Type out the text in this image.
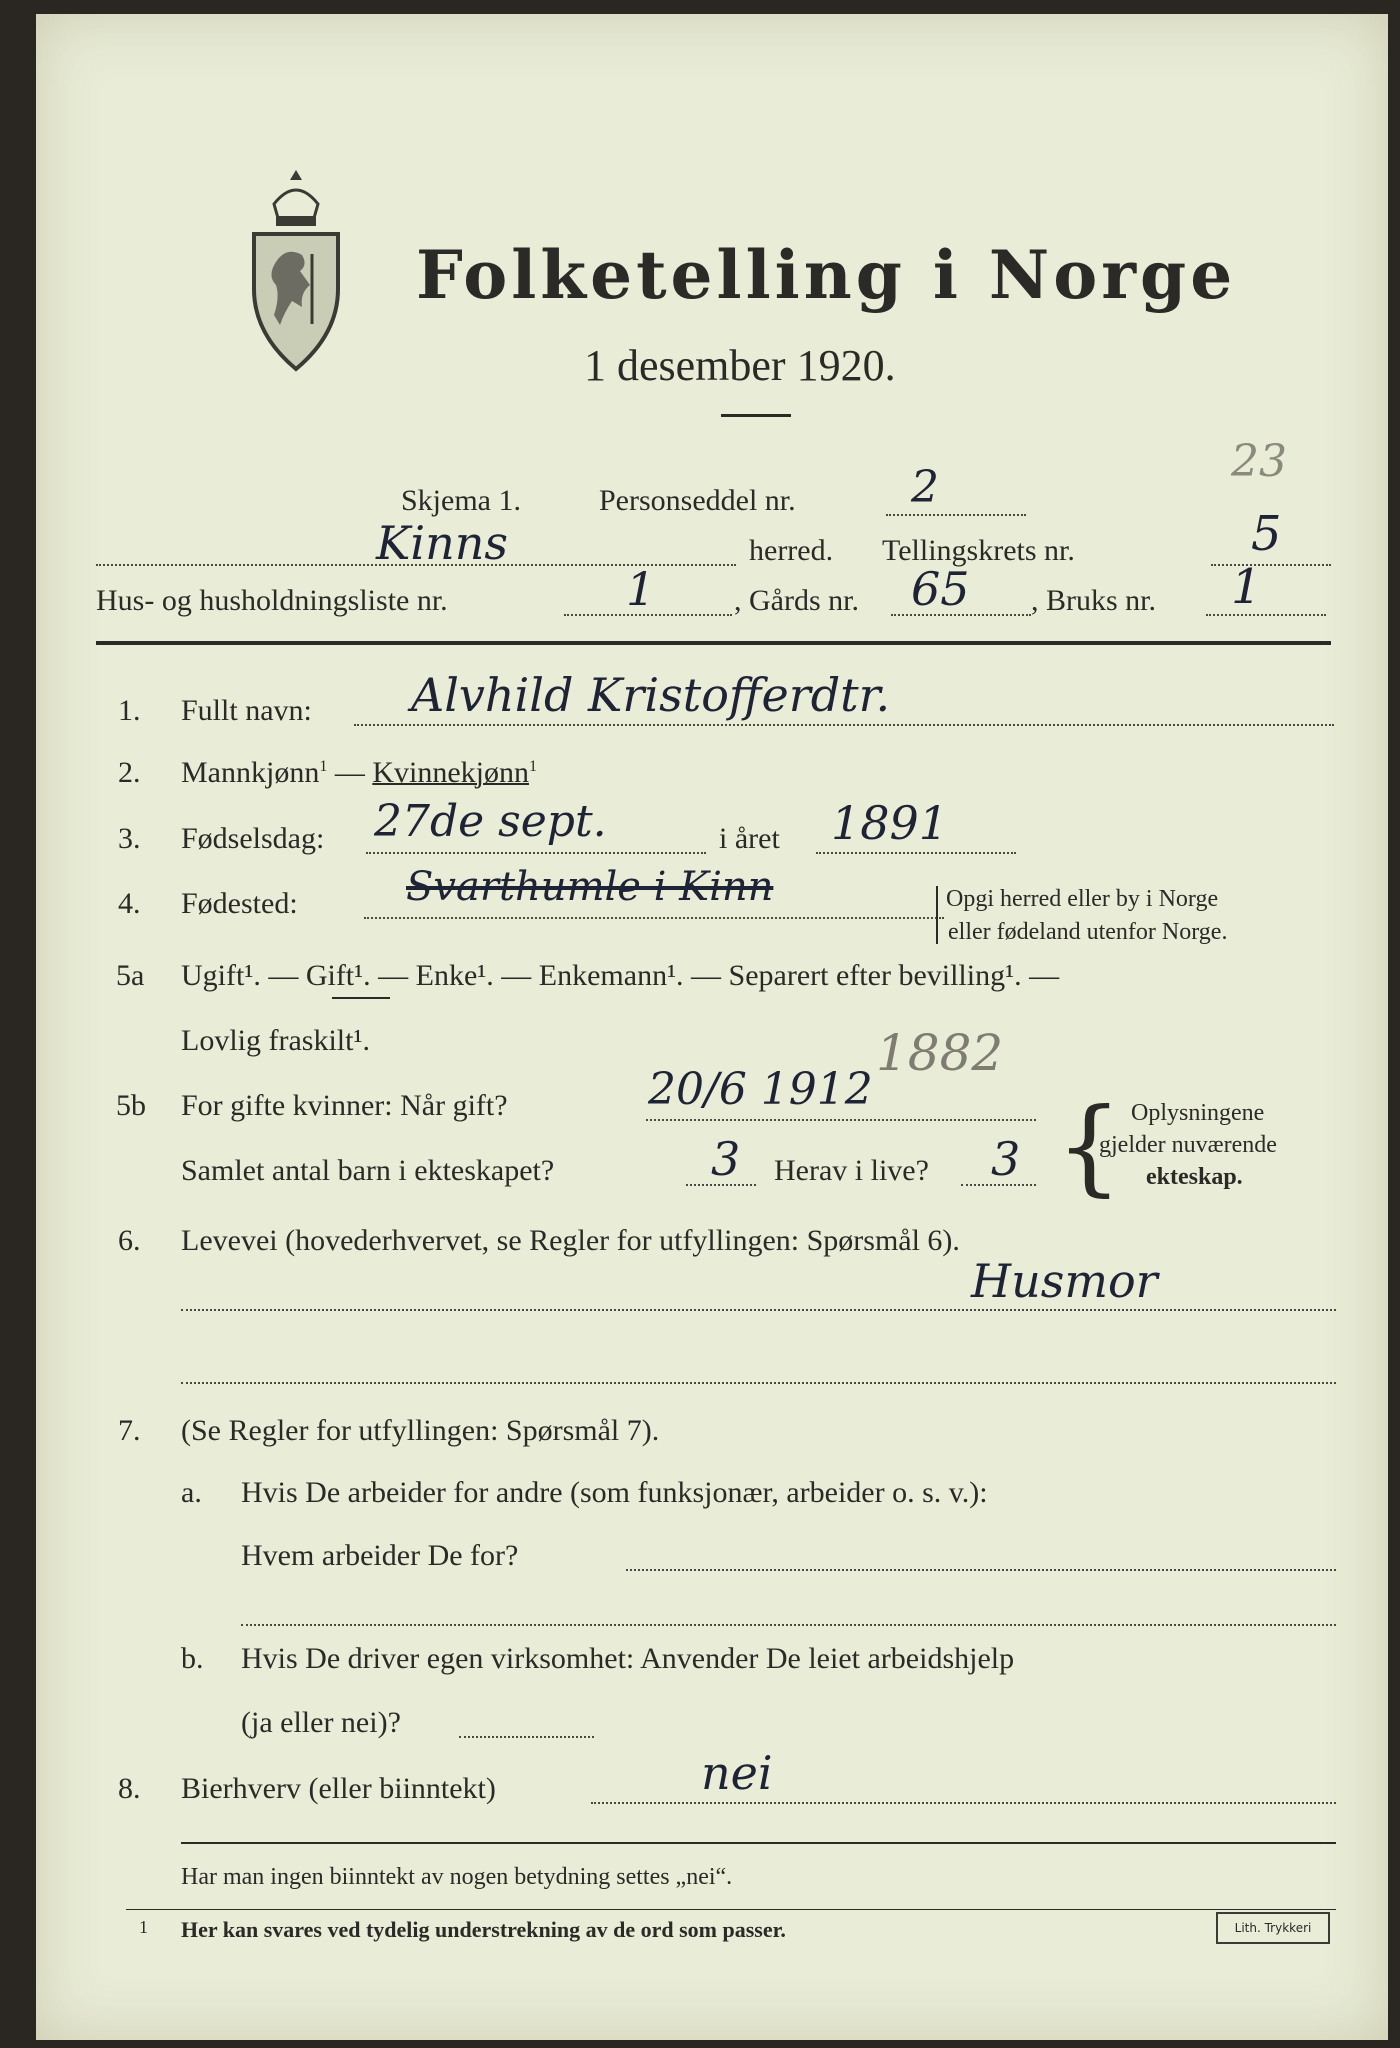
Folketelling i Norge
1 desember 1920.
23
Skjema 1.	Personseddel nr.	2
Kinns	herred. Tellingskrets nr.	5
Hus- og husholdningsliste nr.	1	, Gårds nr. 65 , Bruks nr. 1
1. Fullt navn: Alvhild Kristofferdtr.
2. Mannkjønn$^1$ — Kvinnekjønn$^1$
3. Fødselsdag: 27de sept.	i året 1891
4. Fødested:	Svarthumle i Kinn	Opgi herred eller by i Norge
eller fødeland utenfor Norge.
5a Ugift¹. — Gift¹. — Enke¹. — Enkemann¹. — Separert efter bevilling¹. —
Lovlig fraskilt¹.	1882
5b For gifte kvinner: Når gift?	20/6 1912
Samlet antal barn i ekteskapet?	3 Herav i live? 3 { Oplysningene
gjelder nuværende
ekteskap.
6. Levevei (hovederhvervet, se Regler for utfyllingen: Spørsmål 6).
Husmor
7. (Se Regler for utfyllingen: Spørsmål 7).
a. Hvis De arbeider for andre (som funksjonær, arbeider o. s. v.):
Hvem arbeider De for?
b. Hvis De driver egen virksomhet: Anvender De leiet arbeidshjelp
(ja eller nei)?
8. Bierhverv (eller biinntekt)	nei
Har man ingen biinntekt av nogen betydning settes „nei“.
1 Her kan svares ved tydelig understrekning av de ord som passer.	Lith. Trykkeri
